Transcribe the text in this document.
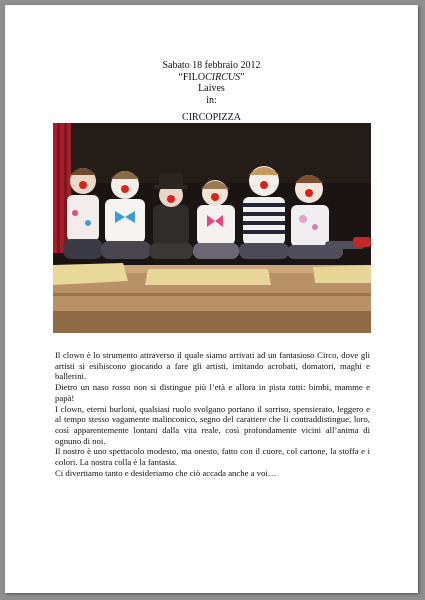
Sabato 18 febbraio 2012
“FILOCIRCUS”
Laives
in:
CIRCOPIZZA

Il clown è lo strumento attraverso il quale siamo arrivati ad un fantasioso Circo, dove gli artisti si esibiscono giocando a fare gli artisti, imitando acrobati, domatori, maghi e ballerini.

Dietro un naso rosso non si distingue più l’età e allora in pista tutti: bimbi, mamme e papà!

I clown, eterni burloni, qualsiasi ruolo svolgano portano il sorriso, spensierato, leggero e al tempo stesso vagamente malinconico, segno del carattere che li contraddistingue, loro, così apparentemente lontani dalla vita reale, così profondamente vicini all’anima di ognuno di noi.

Il nostro è uno spettacolo modesto, ma onesto, fatto con il cuore, col cartone, la stoffa e i colori. La nostra colla è la fantasia.

Ci divertiamo tanto e desideriamo che ciò accada anche a voi…
